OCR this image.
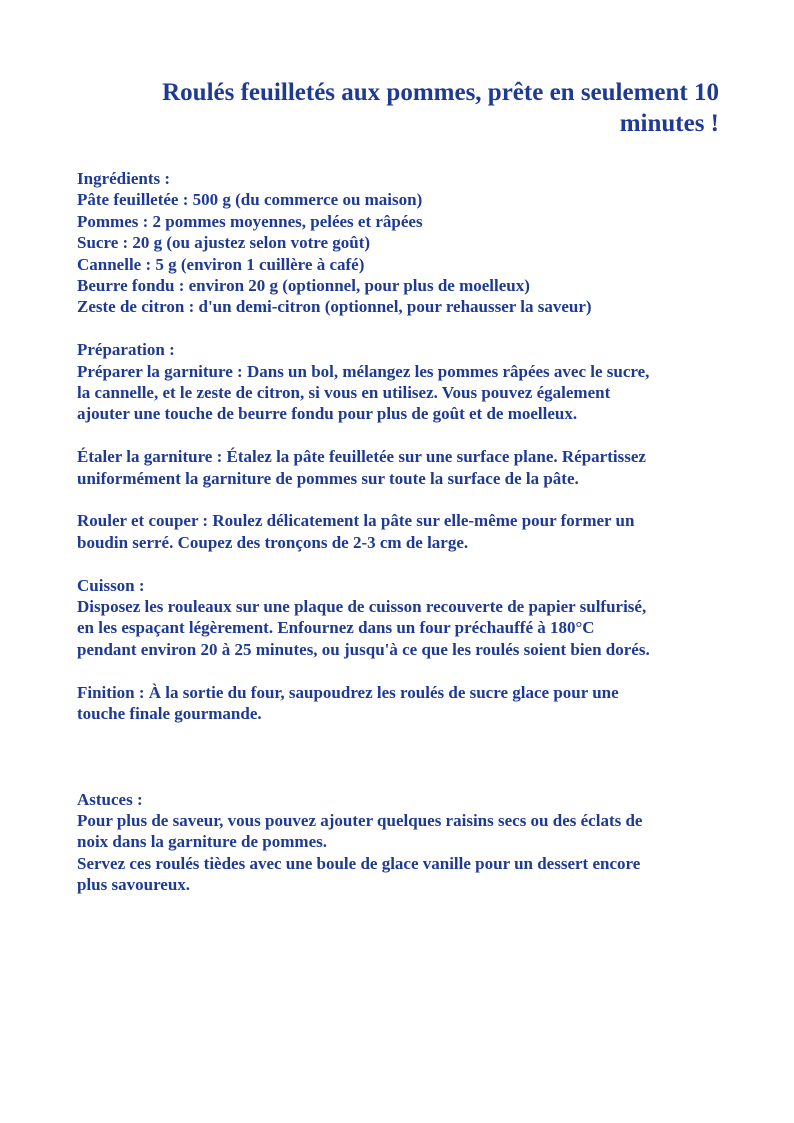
Roulés feuilletés aux pommes, prête en seulement 10
minutes !
Ingrédients :
Pâte feuilletée : 500 g (du commerce ou maison)
Pommes : 2 pommes moyennes, pelées et râpées
Sucre : 20 g (ou ajustez selon votre goût)
Cannelle : 5 g (environ 1 cuillère à café)
Beurre fondu : environ 20 g (optionnel, pour plus de moelleux)
Zeste de citron : d'un demi-citron (optionnel, pour rehausser la saveur)
Préparation :
Préparer la garniture : Dans un bol, mélangez les pommes râpées avec le sucre,
la cannelle, et le zeste de citron, si vous en utilisez. Vous pouvez également
ajouter une touche de beurre fondu pour plus de goût et de moelleux.
Étaler la garniture : Étalez la pâte feuilletée sur une surface plane. Répartissez
uniformément la garniture de pommes sur toute la surface de la pâte.
Rouler et couper : Roulez délicatement la pâte sur elle-même pour former un
boudin serré. Coupez des tronçons de 2-3 cm de large.
Cuisson :
Disposez les rouleaux sur une plaque de cuisson recouverte de papier sulfurisé,
en les espaçant légèrement. Enfournez dans un four préchauffé à 180°C
pendant environ 20 à 25 minutes, ou jusqu'à ce que les roulés soient bien dorés.
Finition : À la sortie du four, saupoudrez les roulés de sucre glace pour une
touche finale gourmande.
Astuces :
Pour plus de saveur, vous pouvez ajouter quelques raisins secs ou des éclats de
noix dans la garniture de pommes.
Servez ces roulés tièdes avec une boule de glace vanille pour un dessert encore
plus savoureux.
